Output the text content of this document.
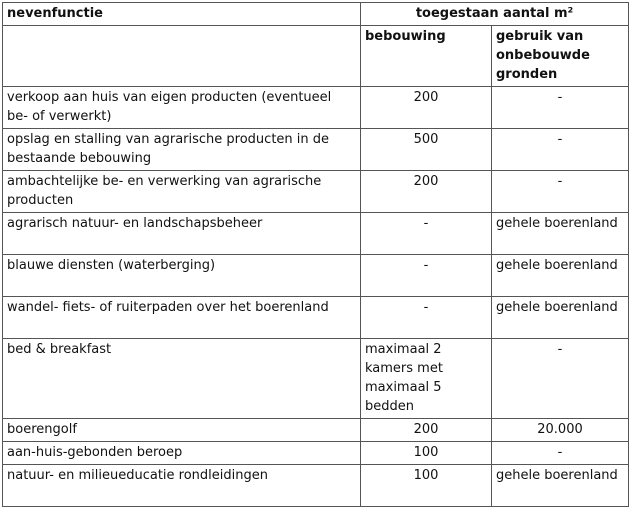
nevenfunctie	toegestaan aantal m²	
	bebouwing	gebruik van onbebouwde gronden
verkoop aan huis van eigen producten (eventueel be- of verwerkt)	200	-
opslag en stalling van agrarische producten in de bestaande bebouwing	500	-
ambachtelijke be- en verwerking van agrarische producten	200	-
agrarisch natuur- en landschapsbeheer	-	gehele boerenland
blauwe diensten (waterberging)	-	gehele boerenland
wandel- fiets- of ruiterpaden over het boerenland	-	gehele boerenland
bed & breakfast	maximaal 2 kamers met maximaal 5 bedden	-
boerengolf	200	20.000
aan-huis-gebonden beroep	100	-
natuur- en milieueducatie rondleidingen	100	gehele boerenland
